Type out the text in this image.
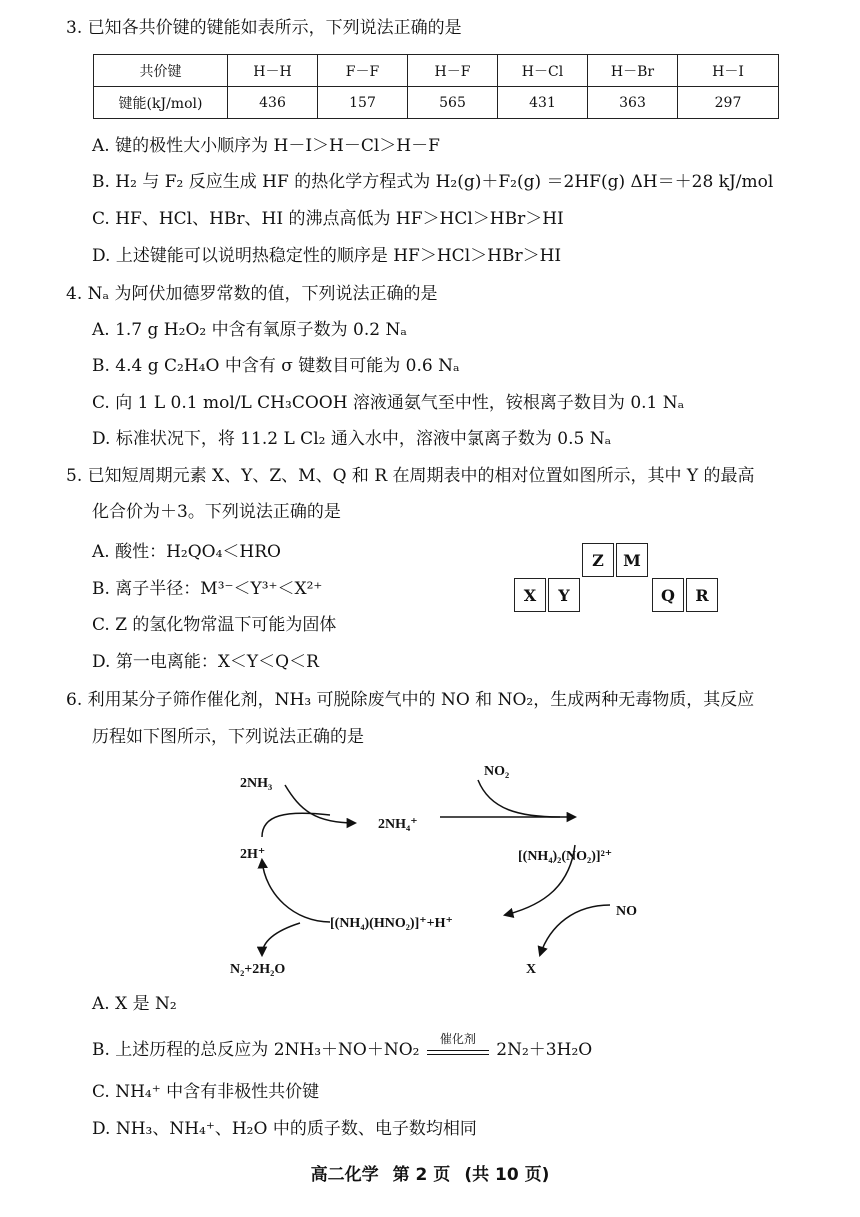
3. 已知各共价键的键能如表所示，下列说法正确的是
共价键	H－H	F－F	H－F	H－Cl	H－Br	H－I
键能(kJ/mol)	436	157	565	431	363	297
A. 键的极性大小顺序为 H－I＞H－Cl＞H－F
B. H₂ 与 F₂ 反应生成 HF 的热化学方程式为 H₂(g)＋F₂(g) ＝2HF(g) ΔH＝＋28 kJ/mol
C. HF、HCl、HBr、HI 的沸点高低为 HF＞HCl＞HBr＞HI
D. 上述键能可以说明热稳定性的顺序是 HF＞HCl＞HBr＞HI
4. Nₐ 为阿伏加德罗常数的值，下列说法正确的是
A. 1.7 g H₂O₂ 中含有氧原子数为 0.2 Nₐ
B. 4.4 g C₂H₄O 中含有 σ 键数目可能为 0.6 Nₐ
C. 向 1 L 0.1 mol/L CH₃COOH 溶液通氨气至中性，铵根离子数目为 0.1 Nₐ
D. 标准状况下，将 11.2 L Cl₂ 通入水中，溶液中氯离子数为 0.5 Nₐ
5. 已知短周期元素 X、Y、Z、M、Q 和 R 在周期表中的相对位置如图所示，其中 Y 的最高
化合价为＋3。下列说法正确的是
A. 酸性：H₂QO₄＜HRO
B. 离子半径：M³⁻＜Y³⁺＜X²⁺
C. Z 的氢化物常温下可能为固体
D. 第一电离能：X＜Y＜Q＜R
Z	M
X	Y	Q	R
6. 利用某分子筛作催化剂，NH₃ 可脱除废气中的 NO 和 NO₂，生成两种无毒物质，其反应
历程如下图所示，下列说法正确的是
2NH₃
2NH₄⁺
NO₂
2H⁺	[(NH₄)₂(NO₂)]²⁺
NO
[(NH₄)(HNO₂)]⁺+H⁺
N₂+2H₂O	X
A. X 是 N₂
B. 上述历程的总反应为 2NH₃＋NO＋NO₂
催化剂
2N₂＋3H₂O
C. NH₄⁺ 中含有非极性共价键
D. NH₃、NH₄⁺、H₂O 中的质子数、电子数均相同
高二化学 第 2 页 (共 10 页)
